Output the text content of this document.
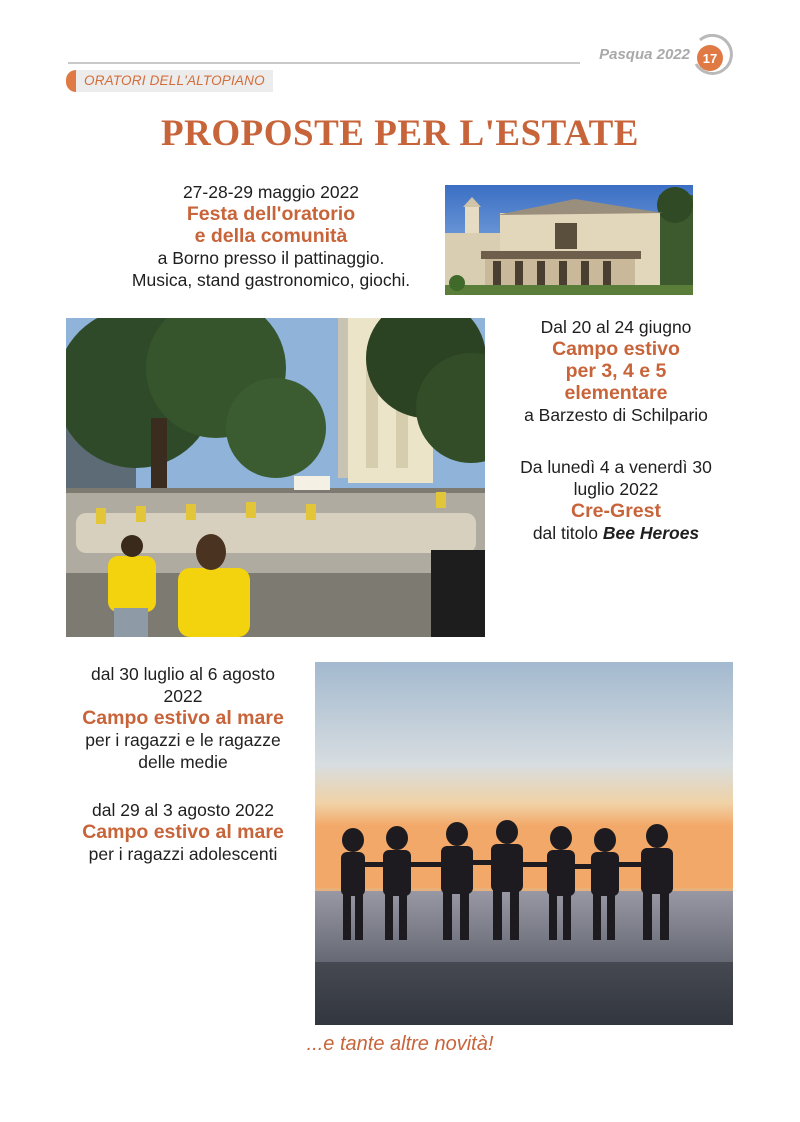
Pasqua 2022 17
ORATORI DELL'ALTOPIANO
PROPOSTE PER L'ESTATE
27-28-29 maggio 2022
Festa dell'oratorio
e della comunità
a Borno presso il pattinaggio.
Musica, stand gastronomico, giochi.
Dal 20 al 24 giugno
Campo estivo
per 3, 4 e 5
elementare
a Barzesto di Schilpario
Da lunedì 4 a venerdì 30
luglio 2022
Cre-Grest
dal titolo Bee Heroes
dal 30 luglio al 6 agosto
2022
Campo estivo al mare
per i ragazzi e le ragazze
delle medie
dal 29 al 3 agosto 2022
Campo estivo al mare
per i ragazzi adolescenti
...e tante altre novità!
